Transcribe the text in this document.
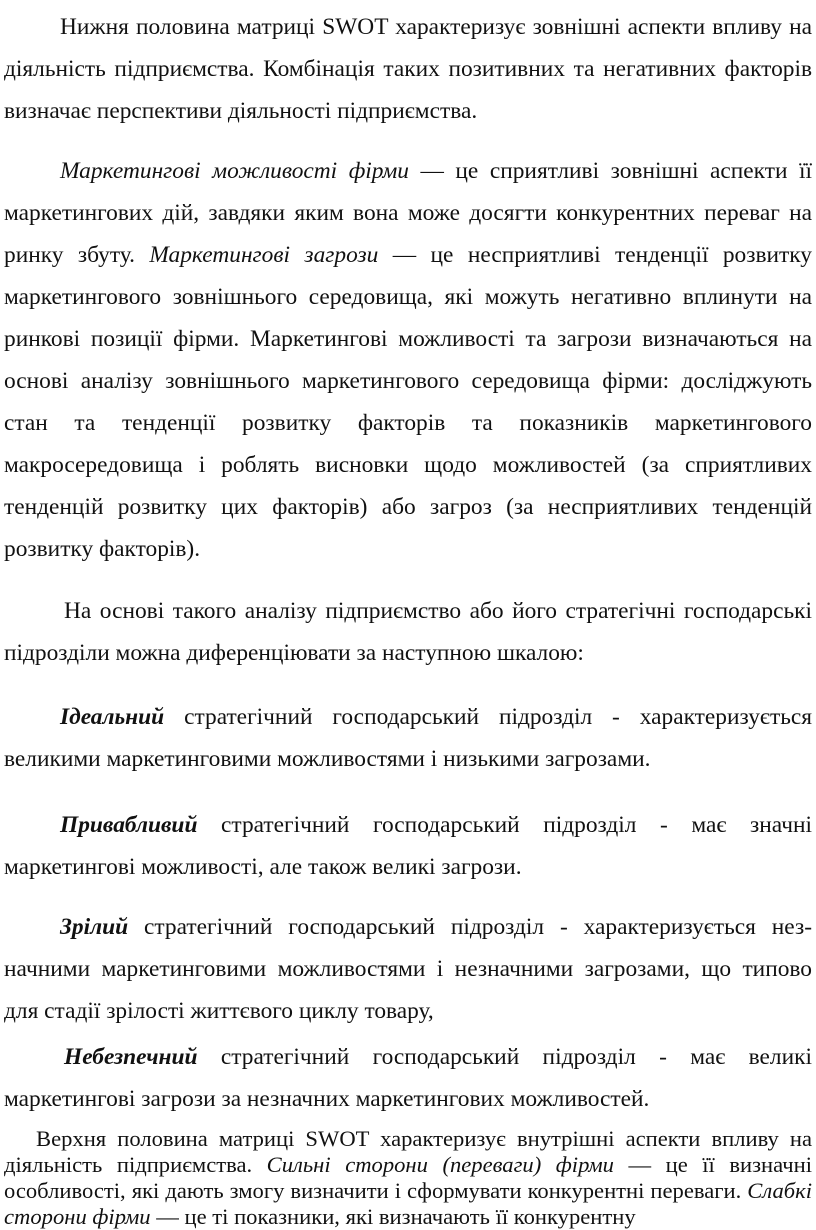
Нижня половина матриці SWOT характеризує зовнішні аспекти впливу на діяльність підприємства. Комбінація таких позитивних та негативних факторів визначає перспективи діяльності підприємства.

Маркетингові можливості фірми — це сприятливі зовнішні аспекти її маркетингових дій, завдяки яким вона може досягти конкурентних переваг на ринку збуту. Маркетингові загрози — це несприятливі тенденції розвитку маркетингового зовнішнього середовища, які можуть негативно вплинути на ринкові позиції фірми. Маркетингові можливості та загрози визначаються на основі аналізу зовнішнього маркетингового середовища фірми: досліджують стан та тенденції розвитку факторів та показників маркетингового макросередовища і роблять висновки щодо можливостей (за сприятливих тенденцій розвитку цих факторів) або загроз (за несприятливих тенденцій розвитку факторів).

На основі такого аналізу підприємство або його стратегічні господарські підрозділи можна диференціювати за наступною шкалою:

Ідеальний стратегічний господарський підрозділ - характеризується великими маркетинговими можливостями і низькими загрозами.

Привабливий стратегічний господарський підрозділ - має значні маркетингові можливості, але також великі загрози.

Зрілий стратегічний господарський підрозділ - характеризується нез-начними маркетинговими можливостями і незначними загрозами, що типово для стадії зрілості життєвого циклу товару,

Небезпечний стратегічний господарський підрозділ - має великі маркетингові загрози за незначних маркетингових можливостей.

Верхня половина матриці SWOT характеризує внутрішні аспекти впливу на діяльність підприємства. Сильні сторони (переваги) фірми — це її визначні особливості, які дають змогу визначити і сформувати конкурентні переваги. Слабкі сторони фірми — це ті показники, які визначають її конкурентну
